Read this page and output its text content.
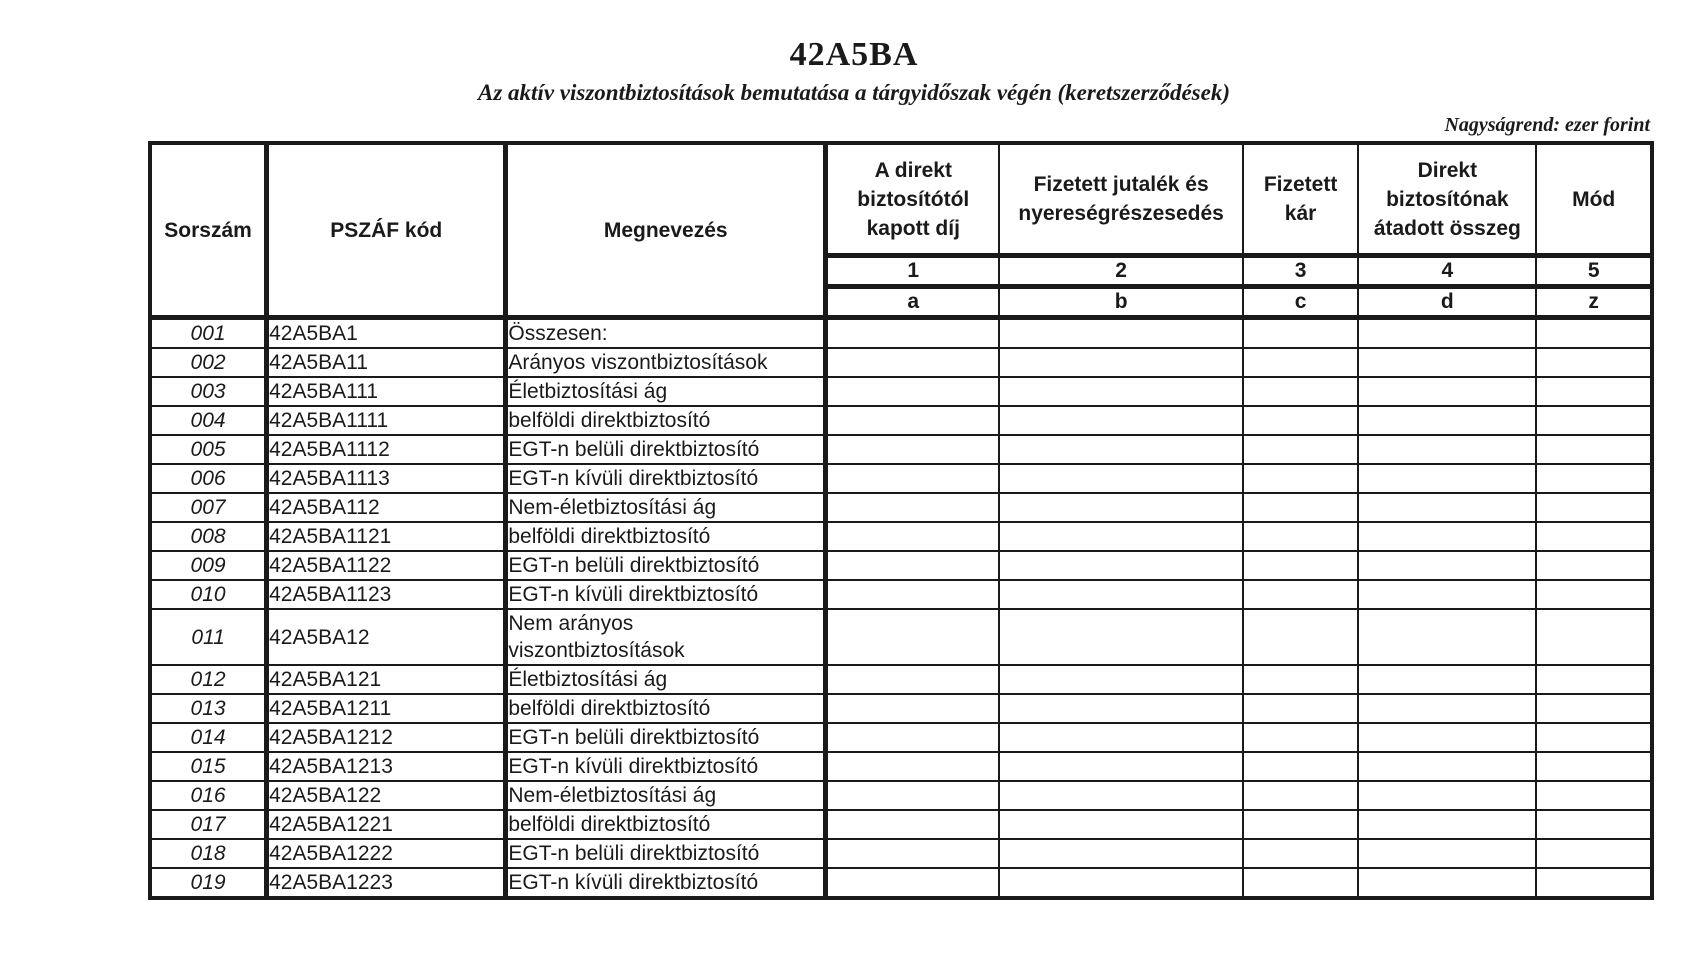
42A5BA
Az aktív viszontbiztosítások bemutatása a tárgyidőszak végén (keretszerződések)
Nagyságrend: ezer forint
Sorszám	PSZÁF kód	Megnevezés	A direkt
biztosítótól
kapott díj	Fizetett jutalék és
nyereségrészesedés	Fizetett
kár	Direkt
biztosítónak
átadott összeg	Mód
			1	2	3	4	5
			a	b	c	d	z
001	42A5BA1	Összesen:					
002	42A5BA11	Arányos viszontbiztosítások					
003	42A5BA111	Életbiztosítási ág					
004	42A5BA1111	belföldi direktbiztosító					
005	42A5BA1112	EGT-n belüli direktbiztosító					
006	42A5BA1113	EGT-n kívüli direktbiztosító					
007	42A5BA112	Nem-életbiztosítási ág					
008	42A5BA1121	belföldi direktbiztosító					
009	42A5BA1122	EGT-n belüli direktbiztosító					
010	42A5BA1123	EGT-n kívüli direktbiztosító					
011	42A5BA12	Nem arányos
viszontbiztosítások					
012	42A5BA121	Életbiztosítási ág					
013	42A5BA1211	belföldi direktbiztosító					
014	42A5BA1212	EGT-n belüli direktbiztosító					
015	42A5BA1213	EGT-n kívüli direktbiztosító					
016	42A5BA122	Nem-életbiztosítási ág					
017	42A5BA1221	belföldi direktbiztosító					
018	42A5BA1222	EGT-n belüli direktbiztosító					
019	42A5BA1223	EGT-n kívüli direktbiztosító					
